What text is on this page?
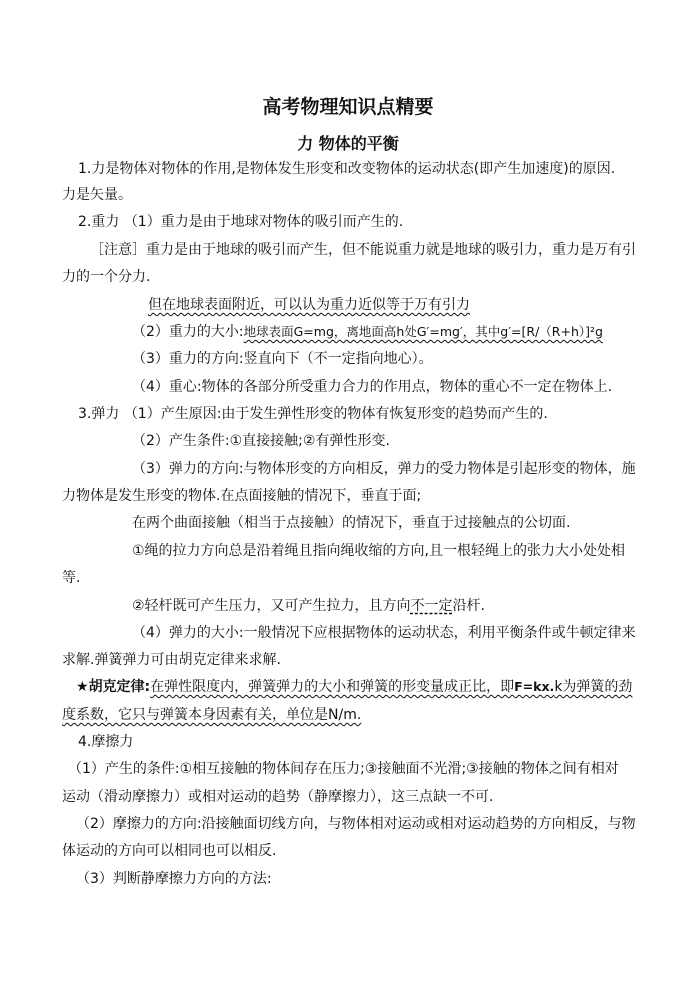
高考物理知识点精要
力 物体的平衡
1.力是物体对物体的作用,是物体发生形变和改变物体的运动状态(即产生加速度)的原因.
力是矢量。
2.重力 （1）重力是由于地球对物体的吸引而产生的.
［注意］重力是由于地球的吸引而产生，但不能说重力就是地球的吸引力，重力是万有引
力的一个分力.
但在地球表面附近，可以认为重力近似等于万有引力
（2）重力的大小:地球表面G=mg，离地面高h处G′=mg′，其中g′=[R/（R+h）]²g
（3）重力的方向:竖直向下（不一定指向地心）。
（4）重心:物体的各部分所受重力合力的作用点，物体的重心不一定在物体上.
3.弹力 （1）产生原因:由于发生弹性形变的物体有恢复形变的趋势而产生的.
（2）产生条件:①直接接触;②有弹性形变.
（3）弹力的方向:与物体形变的方向相反，弹力的受力物体是引起形变的物体，施
力物体是发生形变的物体.在点面接触的情况下，垂直于面;
在两个曲面接触（相当于点接触）的情况下，垂直于过接触点的公切面.
①绳的拉力方向总是沿着绳且指向绳收缩的方向,且一根轻绳上的张力大小处处相
等.
②轻杆既可产生压力，又可产生拉力，且方向不一定沿杆.
（4）弹力的大小:一般情况下应根据物体的运动状态，利用平衡条件或牛顿定律来
求解.弹簧弹力可由胡克定律来求解.
★胡克定律:在弹性限度内，弹簧弹力的大小和弹簧的形变量成正比，即F=kx.k为弹簧的劲
度系数，它只与弹簧本身因素有关，单位是N/m.
4.摩擦力
（1）产生的条件:①相互接触的物体间存在压力;③接触面不光滑;③接触的物体之间有相对
运动（滑动摩擦力）或相对运动的趋势（静摩擦力），这三点缺一不可.
（2）摩擦力的方向:沿接触面切线方向，与物体相对运动或相对运动趋势的方向相反，与物
体运动的方向可以相同也可以相反.
（3）判断静摩擦力方向的方法:
